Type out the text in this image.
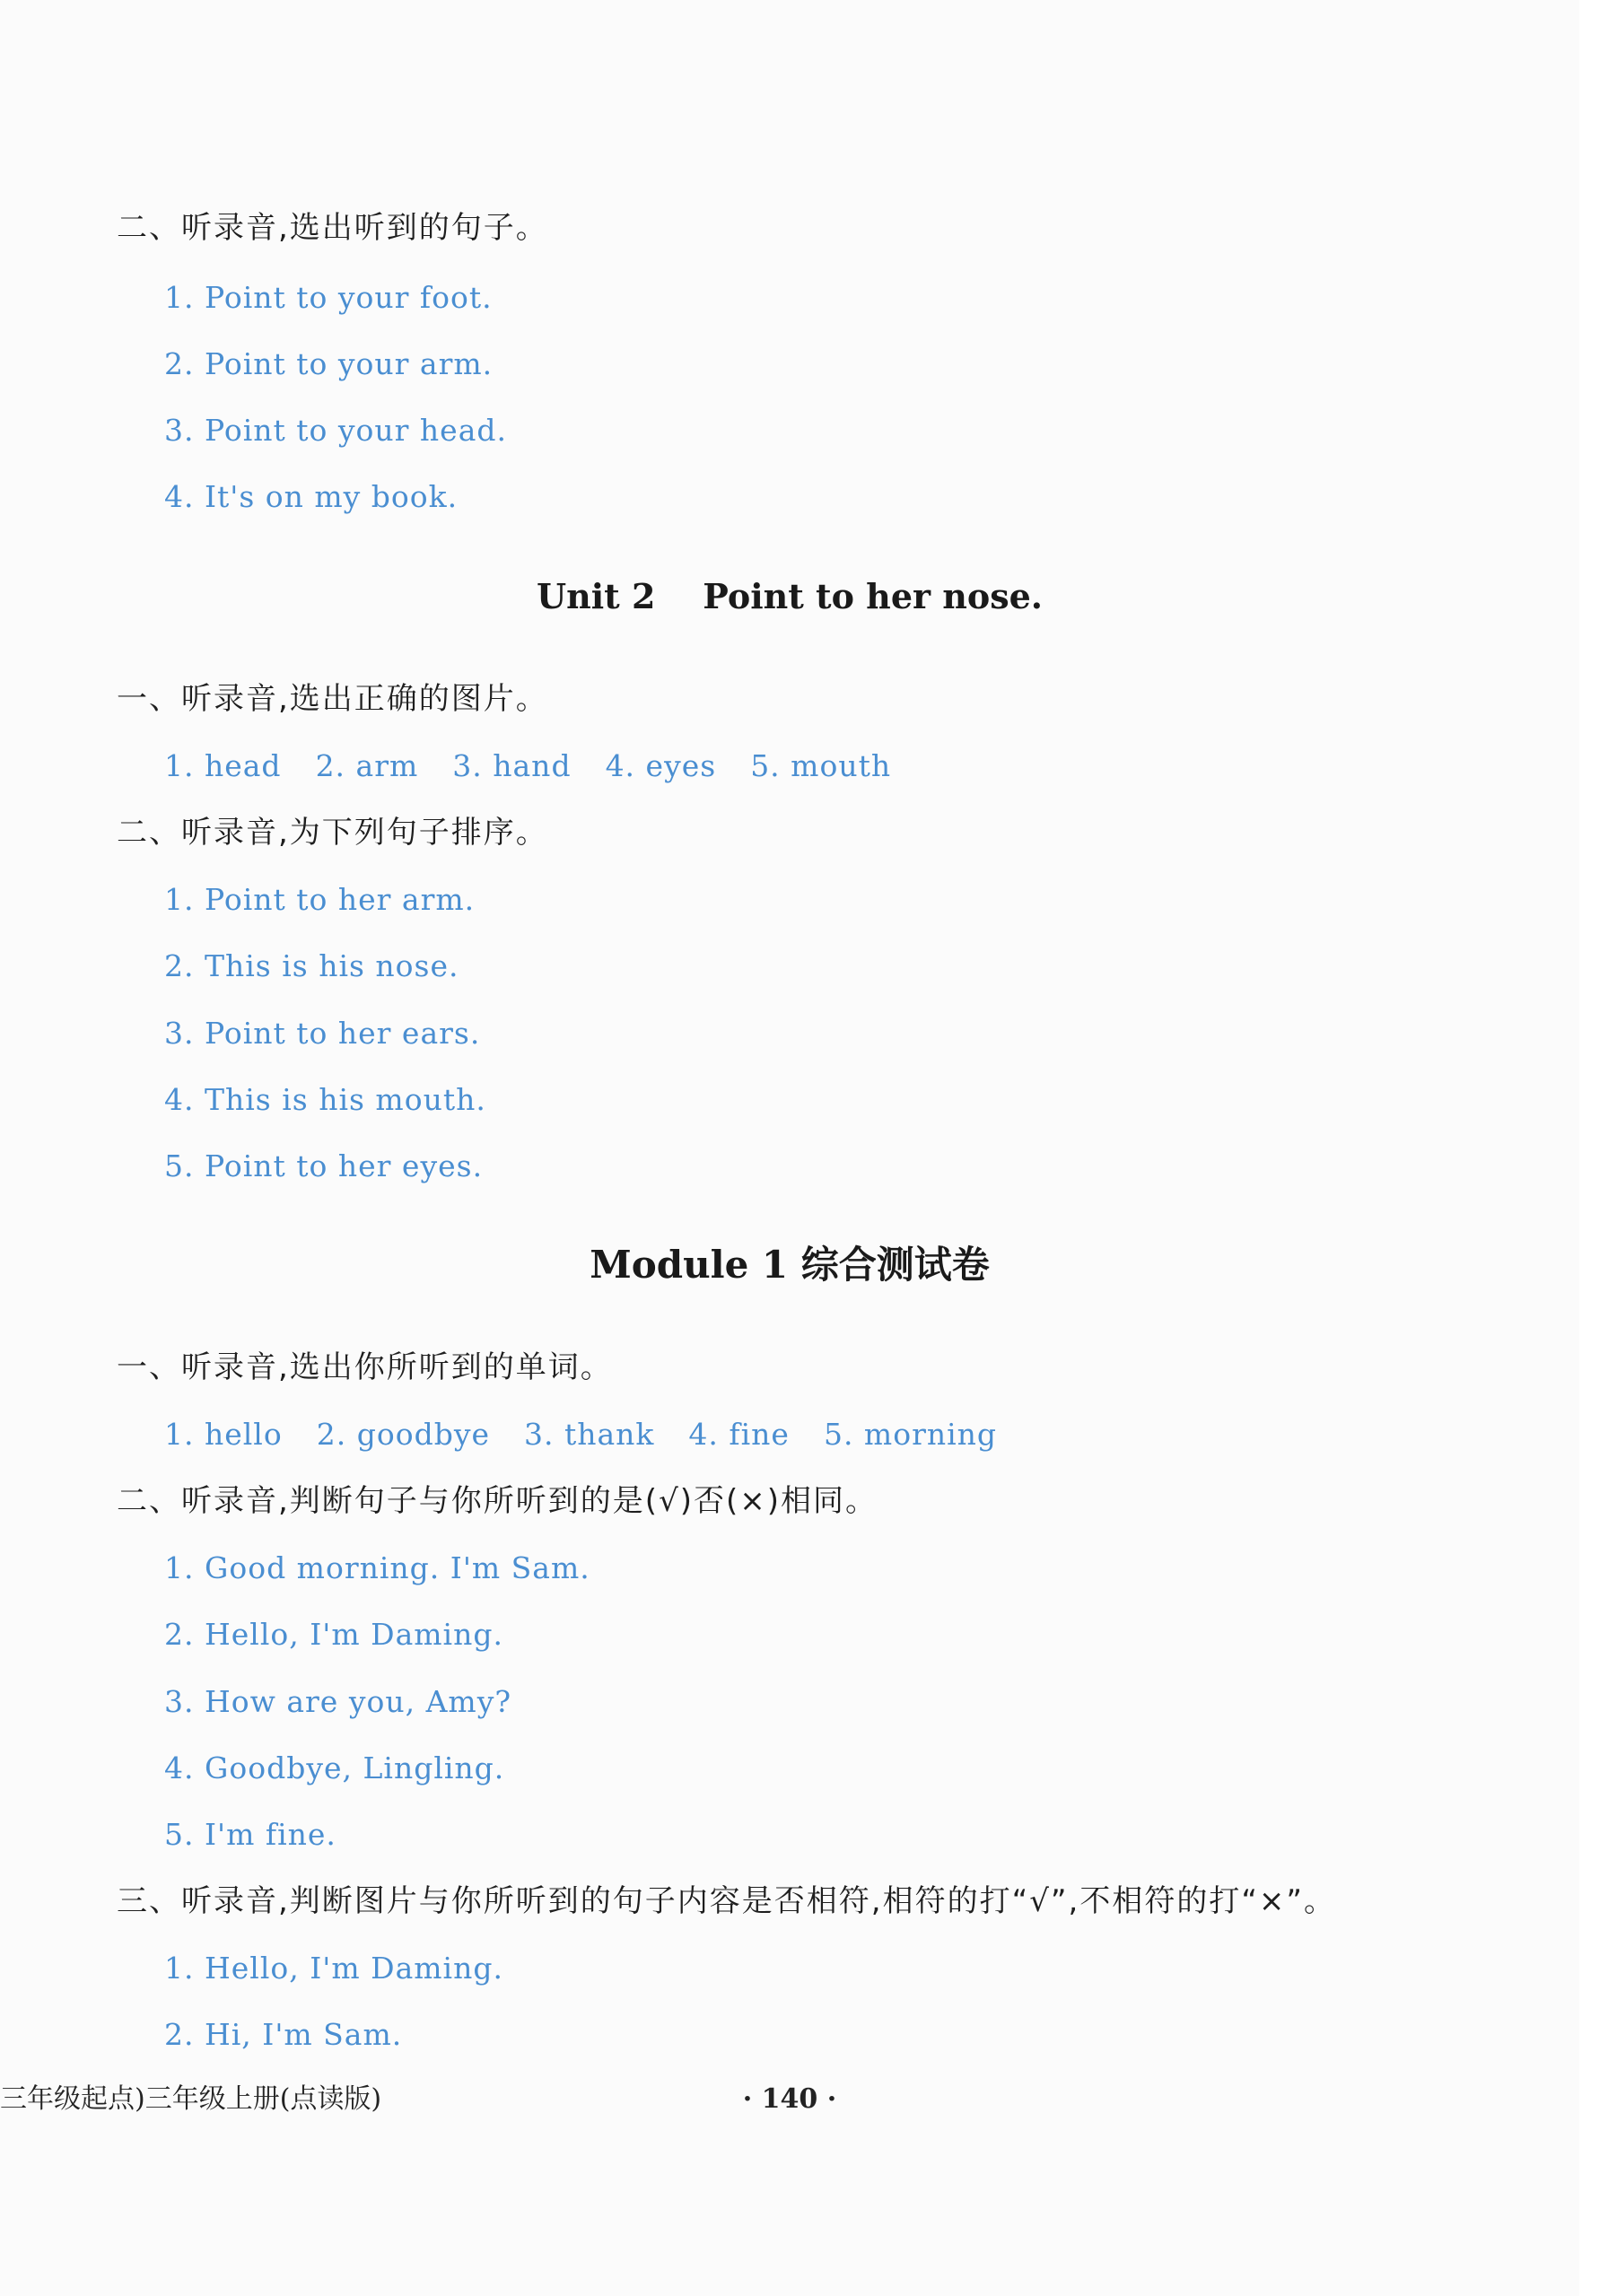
二、听录音,选出听到的句子。
1. Point to your foot.
2. Point to your arm.
3. Point to your head.
4. It's on my book.
Unit 2    Point to her nose.
一、听录音,选出正确的图片。
1. head 2. arm 3. hand 4. eyes 5. mouth
二、听录音,为下列句子排序。
1. Point to her arm.
2. This is his nose.
3. Point to her ears.
4. This is his mouth.
5. Point to her eyes.
Module 1 综合测试卷
一、听录音,选出你所听到的单词。
1. hello 2. goodbye 3. thank 4. fine 5. morning
二、听录音,判断句子与你所听到的是(√)否(×)相同。
1. Good morning. I'm Sam.
2. Hello, I'm Daming.
3. How are you, Amy?
4. Goodbye, Lingling.
5. I'm fine.
三、听录音,判断图片与你所听到的句子内容是否相符,相符的打“√”,不相符的打“×”。
1. Hello, I'm Daming.
2. Hi, I'm Sam.
三年级起点)三年级上册(点读版)	· 140 ·
